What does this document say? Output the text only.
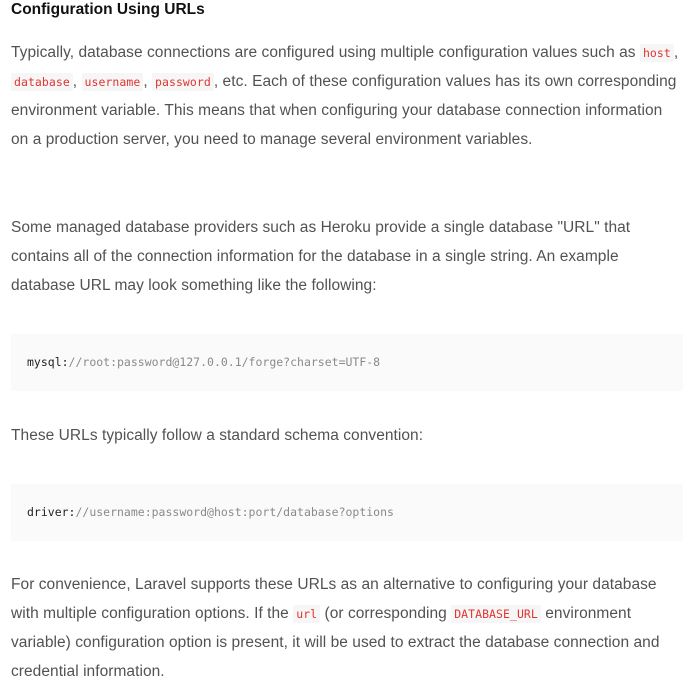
Configuration Using URLs

Typically, database connections are configured using multiple configuration values such as host , database , username , password , etc. Each of these configuration values has its own corresponding environment variable. This means that when configuring your database connection information on a production server, you need to manage several environment variables.

Some managed database providers such as Heroku provide a single database "URL" that contains all of the connection information for the database in a single string. An example database URL may look something like the following:

mysql://root:password@127.0.0.1/forge?charset=UTF-8

These URLs typically follow a standard schema convention:

driver://username:password@host:port/database?options

For convenience, Laravel supports these URLs as an alternative to configuring your database with multiple configuration options. If the url (or corresponding DATABASE_URL environment variable) configuration option is present, it will be used to extract the database connection and credential information.
